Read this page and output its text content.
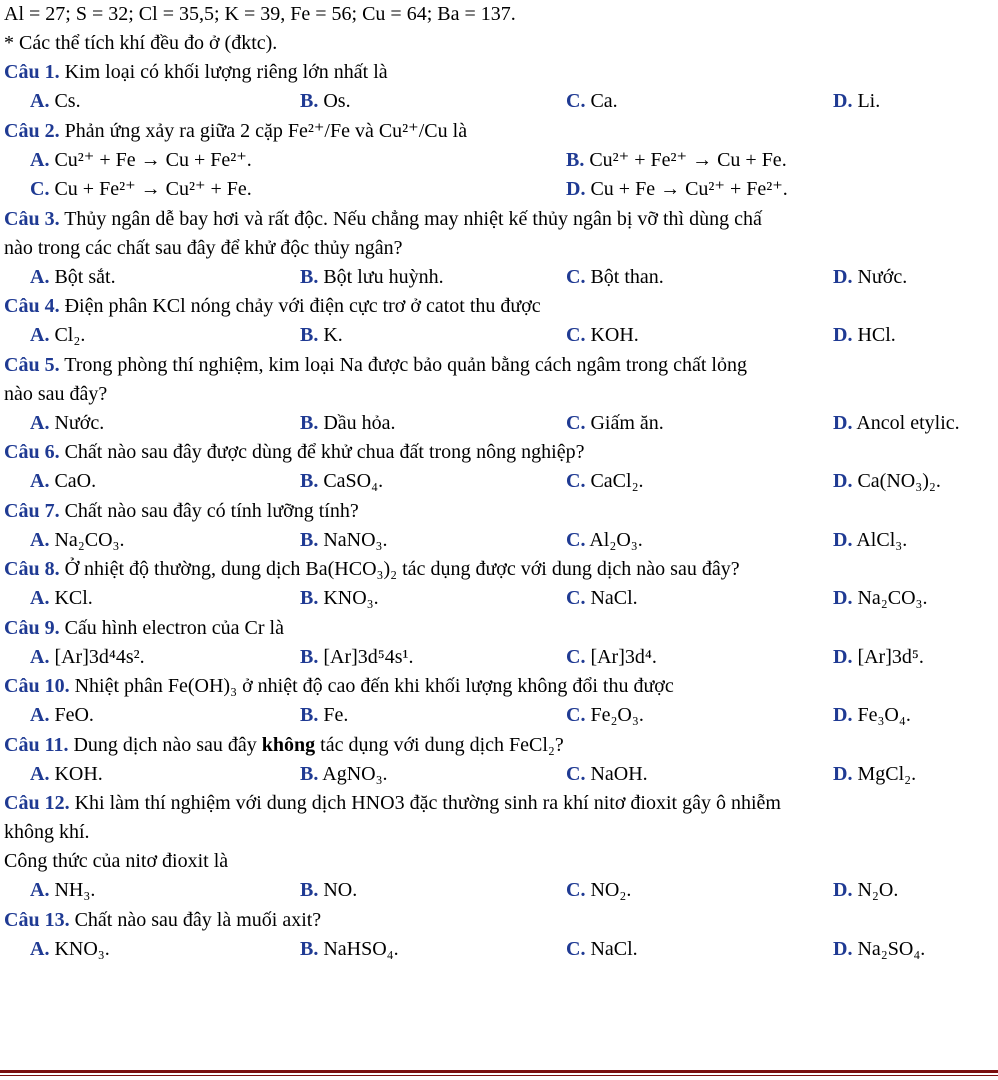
Al = 27; S = 32; Cl = 35,5; K = 39, Fe = 56; Cu = 64; Ba = 137.
* Các thể tích khí đều đo ở (đktc).
Câu 1. Kim loại có khối lượng riêng lớn nhất là
A. Cs.	B. Os.	C. Ca.	D. Li.
Câu 2. Phản ứng xảy ra giữa 2 cặp Fe²⁺/Fe và Cu²⁺/Cu là
A. Cu²⁺ + Fe → Cu + Fe²⁺.	B. Cu²⁺ + Fe²⁺ → Cu + Fe.
C. Cu + Fe²⁺ → Cu²⁺ + Fe.	D. Cu + Fe → Cu²⁺ + Fe²⁺.
Câu 3. Thủy ngân dễ bay hơi và rất độc. Nếu chẳng may nhiệt kế thủy ngân bị vỡ thì dùng chấ
nào trong các chất sau đây để khử độc thủy ngân?
A. Bột sắt.	B. Bột lưu huỳnh.	C. Bột than.	D. Nước.
Câu 4. Điện phân KCl nóng chảy với điện cực trơ ở catot thu được
A. Cl₂.	B. K.	C. KOH.	D. HCl.
Câu 5. Trong phòng thí nghiệm, kim loại Na được bảo quản bằng cách ngâm trong chất lỏng
nào sau đây?
A. Nước.	B. Dầu hỏa.	C. Giấm ăn.	D. Ancol etylic.
Câu 6. Chất nào sau đây được dùng để khử chua đất trong nông nghiệp?
A. CaO.	B. CaSO₄.	C. CaCl₂.	D. Ca(NO₃)₂.
Câu 7. Chất nào sau đây có tính lưỡng tính?
A. Na₂CO₃.	B. NaNO₃.	C. Al₂O₃.	D. AlCl₃.
Câu 8. Ở nhiệt độ thường, dung dịch Ba(HCO₃)₂ tác dụng được với dung dịch nào sau đây?
A. KCl.	B. KNO₃.	C. NaCl.	D. Na₂CO₃.
Câu 9. Cấu hình electron của Cr là
A. [Ar]3d⁴4s².	B. [Ar]3d⁵4s¹.	C. [Ar]3d⁴.	D. [Ar]3d⁵.
Câu 10. Nhiệt phân Fe(OH)₃ ở nhiệt độ cao đến khi khối lượng không đổi thu được
A. FeO.	B. Fe.	C. Fe₂O₃.	D. Fe₃O₄.
Câu 11. Dung dịch nào sau đây không tác dụng với dung dịch FeCl₂?
A. KOH.	B. AgNO₃.	C. NaOH.	D. MgCl₂.
Câu 12. Khi làm thí nghiệm với dung dịch HNO3 đặc thường sinh ra khí nitơ đioxit gây ô nhiễm
không khí.
Công thức của nitơ đioxit là
A. NH₃.	B. NO.	C. NO₂.	D. N₂O.
Câu 13. Chất nào sau đây là muối axit?
A. KNO₃.	B. NaHSO₄.	C. NaCl.	D. Na₂SO₄.
